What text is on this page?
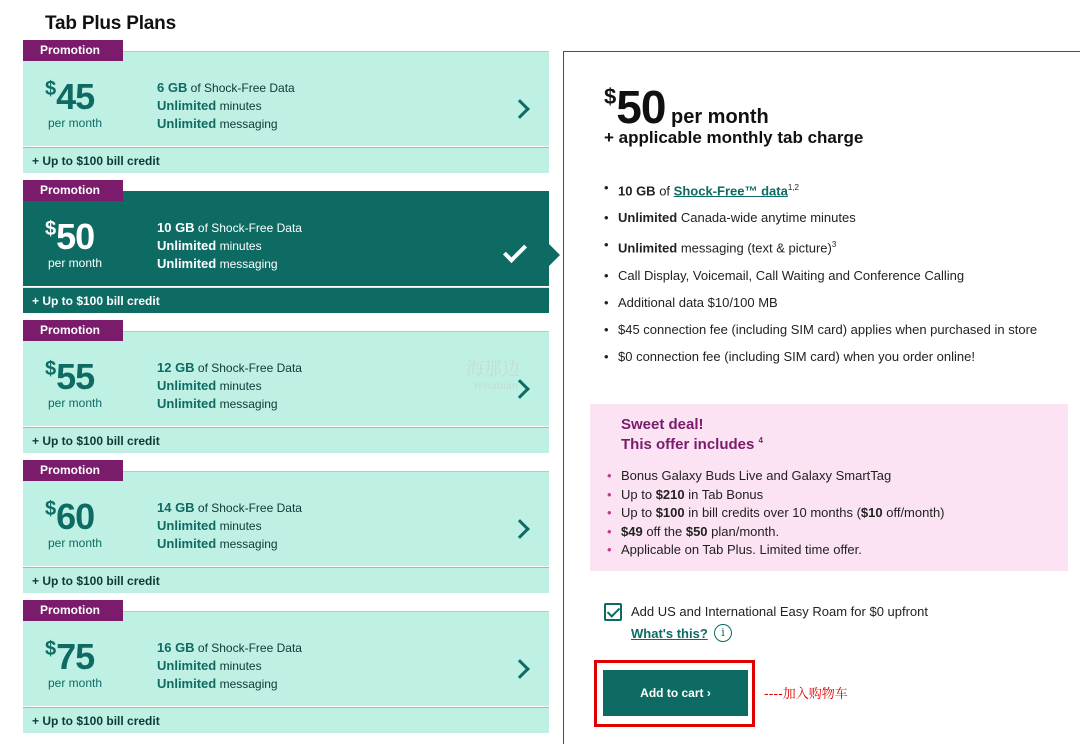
Tab Plus Plans
$45
per month
6 GB of Shock-Free Data
Unlimited minutes
Unlimited messaging
+ Up to $100 bill credit
Promotion
$50
per month
10 GB of Shock-Free Data
Unlimited minutes
Unlimited messaging
+ Up to $100 bill credit
Promotion
$55
per month
12 GB of Shock-Free Data
Unlimited minutes
Unlimited messaging
+ Up to $100 bill credit
Promotion
$60
per month
14 GB of Shock-Free Data
Unlimited minutes
Unlimited messaging
+ Up to $100 bill credit
Promotion
$75
per month
16 GB of Shock-Free Data
Unlimited minutes
Unlimited messaging
+ Up to $100 bill credit
Promotion
$50 per month
+ applicable monthly tab charge
• 10 GB of Shock-Free™ data$^{1,2}$
• Unlimited Canada-wide anytime minutes
• Unlimited messaging (text & picture)$^3$
• Call Display, Voicemail, Call Waiting and Conference Calling
• Additional data $10/100 MB
• $45 connection fee (including SIM card) applies when purchased in store
• $0 connection fee (including SIM card) when you order online!
Sweet deal!
This offer includes $^4$
• Bonus Galaxy Buds Live and Galaxy SmartTag
• Up to $210 in Tab Bonus
• Up to $100 in bill credits over 10 months ($10 off/month)
• $49 off the $50 plan/month.
• Applicable on Tab Plus. Limited time offer.
Add US and International Easy Roam for $0 upfront
What's this?	i
Add to cart ›	----加入购物车
海那边
Hinabian
